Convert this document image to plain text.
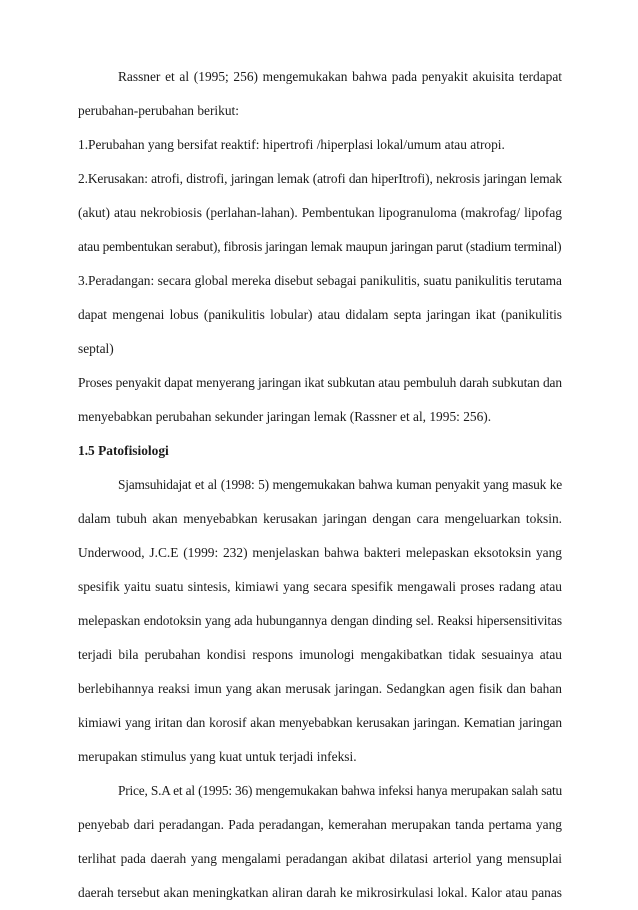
Rassner et al (1995; 256) mengemukakan bahwa pada penyakit akuisita terdapat
perubahan-perubahan berikut:
1.Perubahan yang bersifat reaktif: hipertrofi /hiperplasi lokal/umum atau atropi.
2.Kerusakan: atrofi, distrofi, jaringan lemak (atrofi dan hiperItrofi), nekrosis jaringan lemak
(akut) atau nekrobiosis (perlahan-lahan). Pembentukan lipogranuloma (makrofag/ lipofag
atau pembentukan serabut), fibrosis jaringan lemak maupun jaringan parut (stadium terminal)
3.Peradangan: secara global mereka disebut sebagai panikulitis, suatu panikulitis terutama
dapat mengenai lobus (panikulitis lobular) atau didalam septa jaringan ikat (panikulitis
septal)
Proses penyakit dapat menyerang jaringan ikat subkutan atau pembuluh darah subkutan dan
menyebabkan perubahan sekunder jaringan lemak (Rassner et al, 1995: 256).
1.5 Patofisiologi
Sjamsuhidajat et al (1998: 5) mengemukakan bahwa kuman penyakit yang masuk ke
dalam tubuh akan menyebabkan kerusakan jaringan dengan cara mengeluarkan toksin.
Underwood, J.C.E (1999: 232) menjelaskan bahwa bakteri melepaskan eksotoksin yang
spesifik yaitu suatu sintesis, kimiawi yang secara spesifik mengawali proses radang atau
melepaskan endotoksin yang ada hubungannya dengan dinding sel. Reaksi hipersensitivitas
terjadi bila perubahan kondisi respons imunologi mengakibatkan tidak sesuainya atau
berlebihannya reaksi imun yang akan merusak jaringan. Sedangkan agen fisik dan bahan
kimiawi yang iritan dan korosif akan menyebabkan kerusakan jaringan. Kematian jaringan
merupakan stimulus yang kuat untuk terjadi infeksi.
Price, S.A et al (1995: 36) mengemukakan bahwa infeksi hanya merupakan salah satu
penyebab dari peradangan. Pada peradangan, kemerahan merupakan tanda pertama yang
terlihat pada daerah yang mengalami peradangan akibat dilatasi arteriol yang mensuplai
daerah tersebut akan meningkatkan aliran darah ke mikrosirkulasi lokal. Kalor atau panas
